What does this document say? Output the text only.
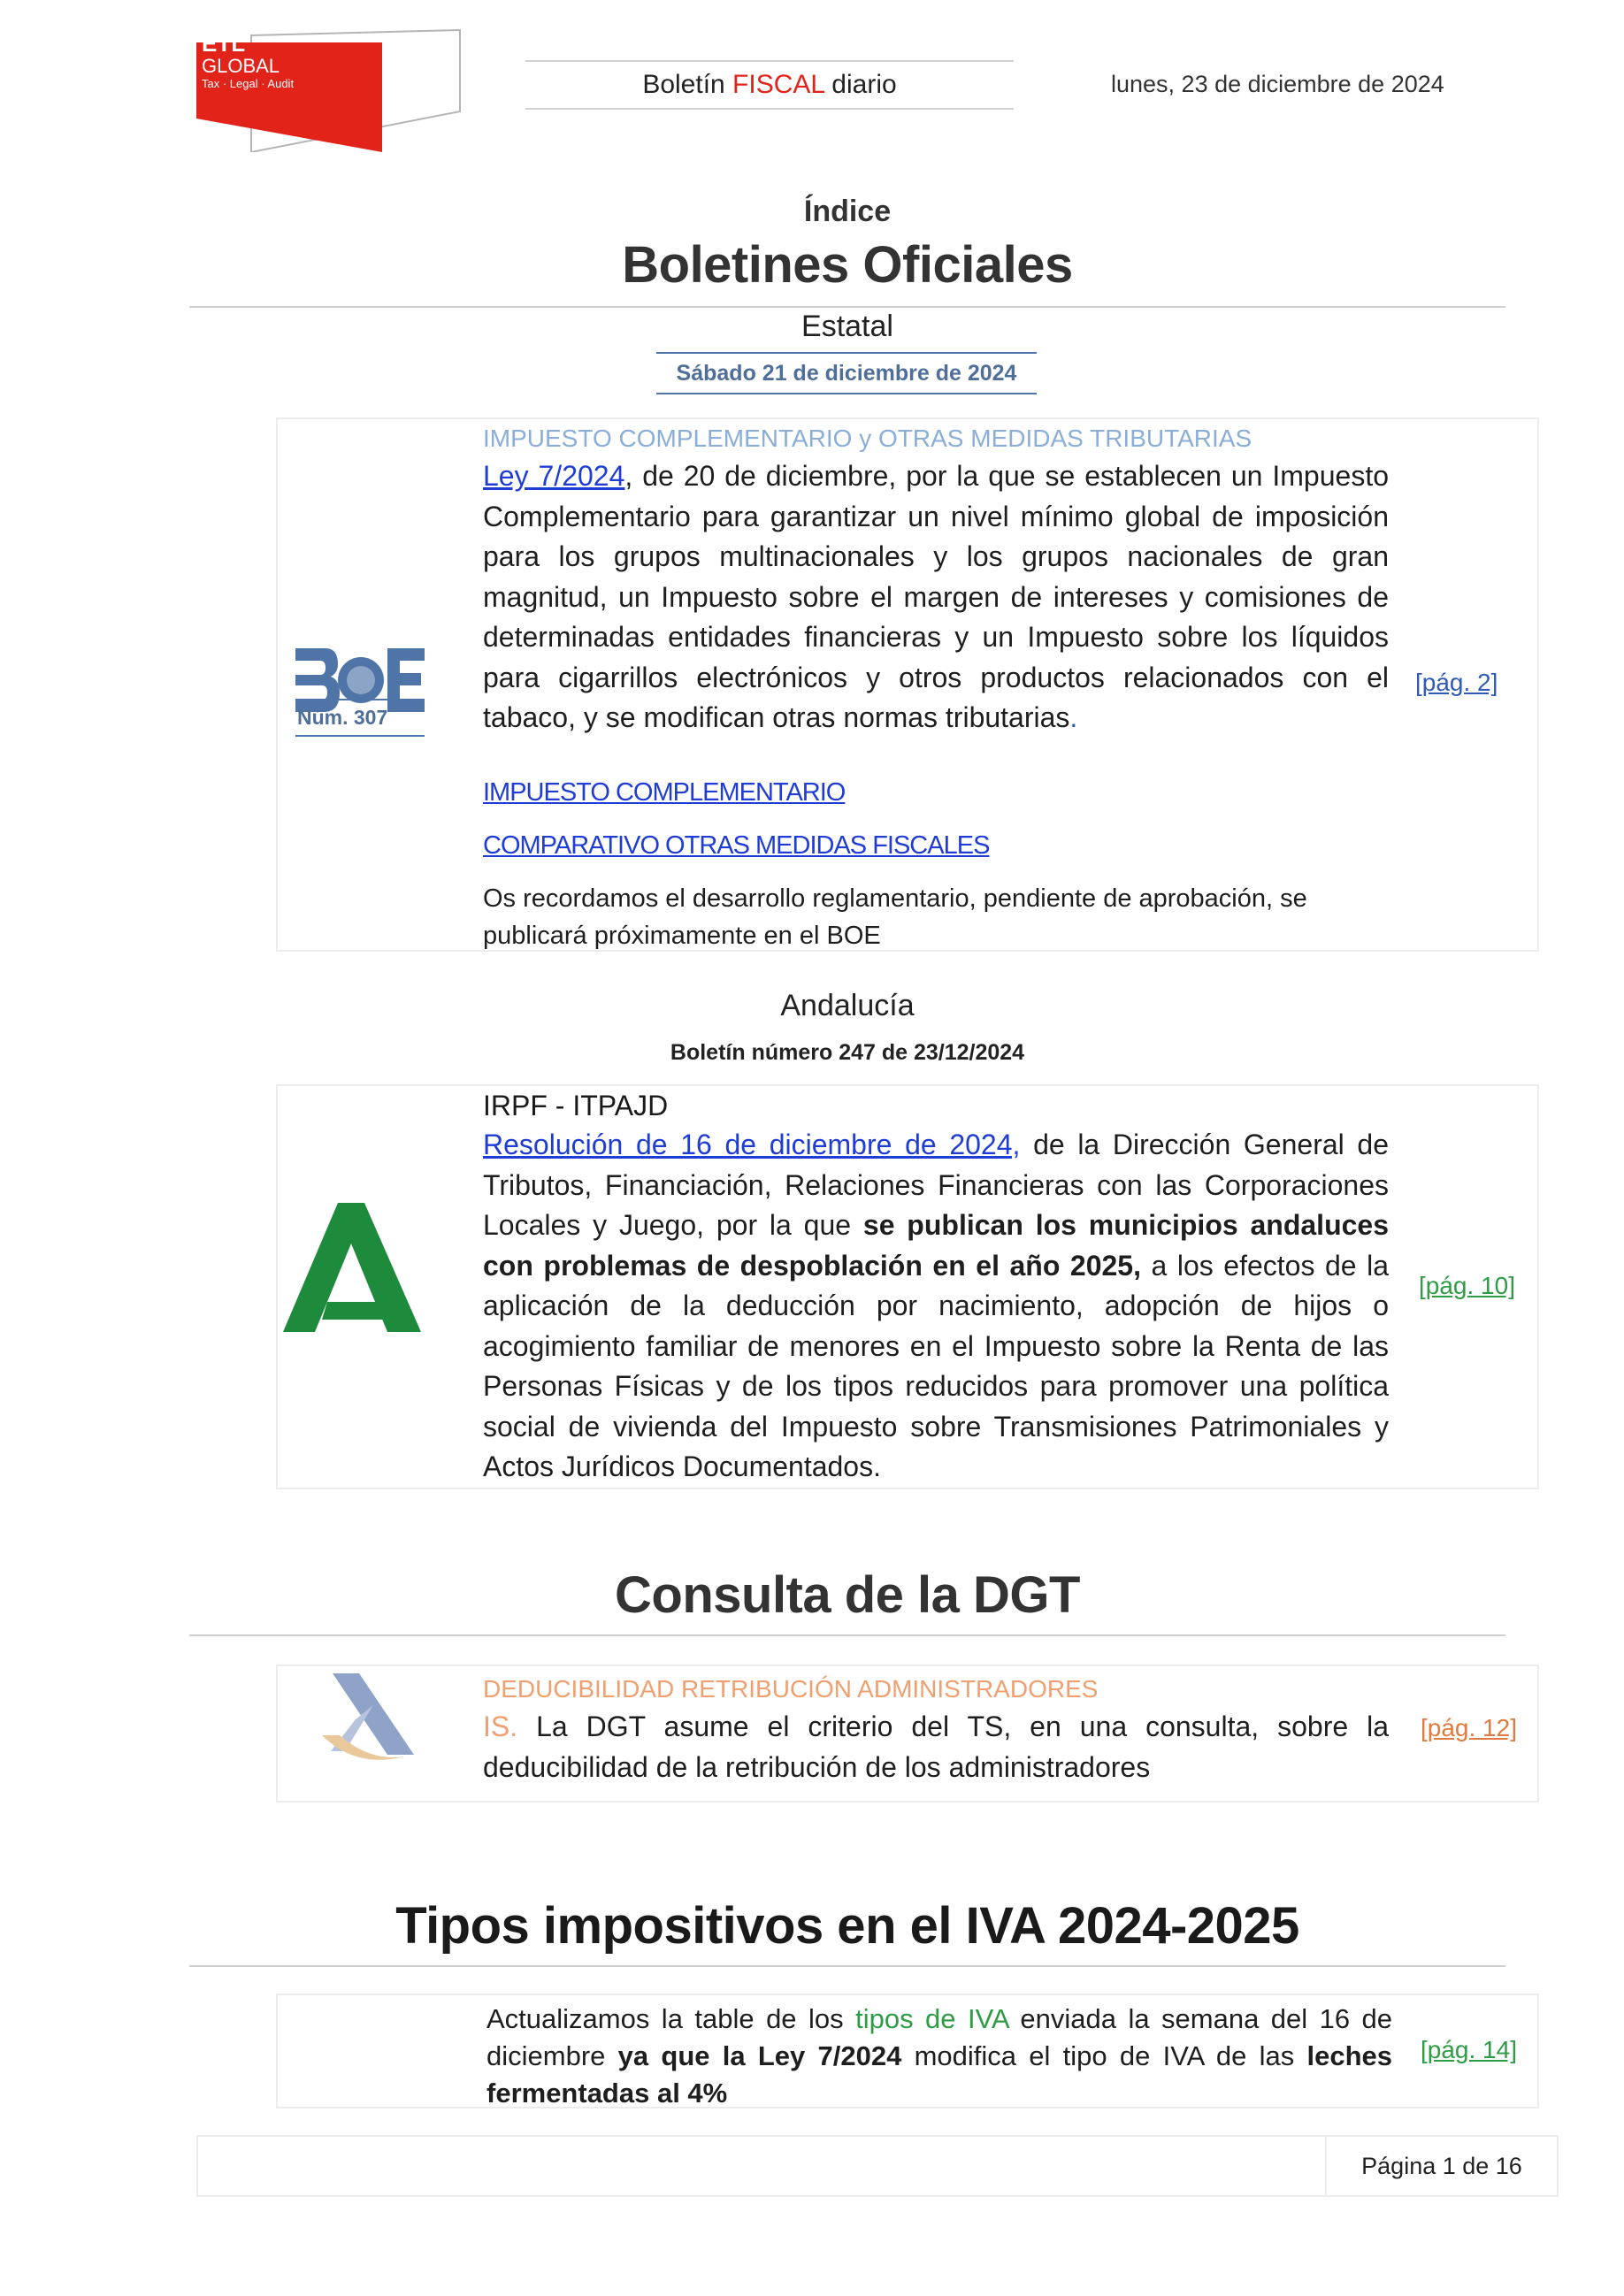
ETL
GLOBAL
Tax · Legal · Audit	Boletín FISCAL diario	lunes, 23 de diciembre de 2024
Índice
Boletines Oficiales
Estatal
Sábado 21 de diciembre de 2024
Núm. 307

IMPUESTO COMPLEMENTARIO y OTRAS MEDIDAS TRIBUTARIAS

Ley 7/2024, de 20 de diciembre, por la que se establecen un Impuesto Complementario para garantizar un nivel mínimo global de imposición para los grupos multinacionales y los grupos nacionales de gran magnitud, un Impuesto sobre el margen de intereses y comisiones de determinadas entidades financieras y un Impuesto sobre los líquidos para cigarrillos electrónicos y otros productos relacionados con el tabaco, y se modifican otras normas tributarias.

IMPUESTO COMPLEMENTARIO
COMPARATIVO OTRAS MEDIDAS FISCALES

Os recordamos el desarrollo reglamentario, pendiente de aprobación, se publicará próximamente en el BOE

[pág. 2]
Andalucía
Boletín número 247 de 23/12/2024

IRPF - ITPAJD

Resolución de 16 de diciembre de 2024, de la Dirección General de Tributos, Financiación, Relaciones Financieras con las Corporaciones Locales y Juego, por la que se publican los municipios andaluces con problemas de despoblación en el año 2025, a los efectos de la aplicación de la deducción por nacimiento, adopción de hijos o acogimiento familiar de menores en el Impuesto sobre la Renta de las Personas Físicas y de los tipos reducidos para promover una política social de vivienda del Impuesto sobre Transmisiones Patrimoniales y Actos Jurídicos Documentados.

[pág. 10]
Consulta de la DGT

DEDUCIBILIDAD RETRIBUCIÓN ADMINISTRADORES

IS. La DGT asume el criterio del TS, en una consulta, sobre la deducibilidad de la retribución de los administradores

[pág. 12]
Tipos impositivos en el IVA 2024-2025

Actualizamos la table de los tipos de IVA enviada la semana del 16 de diciembre ya que la Ley 7/2024 modifica el tipo de IVA de las leches fermentadas al 4%

[pág. 14]
Página 1 de 16
